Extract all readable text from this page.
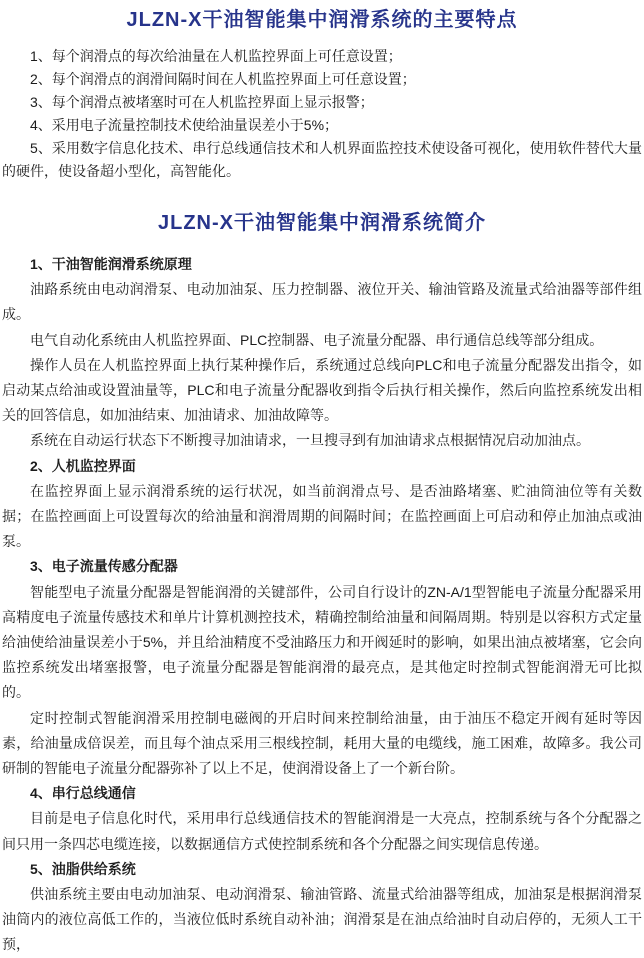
JLZN-X干油智能集中润滑系统的主要特点

1、每个润滑点的每次给油量在人机监控界面上可任意设置；

2、每个润滑点的润滑间隔时间在人机监控界面上可任意设置；

3、每个润滑点被堵塞时可在人机监控界面上显示报警；

4、采用电子流量控制技术使给油量误差小于5%；

5、采用数字信息化技术、串行总线通信技术和人机界面监控技术使设备可视化，使用软件替代大量的硬件，使设备超小型化，高智能化。

JLZN-X干油智能集中润滑系统简介

1、干油智能润滑系统原理

油路系统由电动润滑泵、电动加油泵、压力控制器、液位开关、输油管路及流量式给油器等部件组成。

电气自动化系统由人机监控界面、PLC控制器、电子流量分配器、串行通信总线等部分组成。

操作人员在人机监控界面上执行某种操作后，系统通过总线向PLC和电子流量分配器发出指令，如启动某点给油或设置油量等，PLC和电子流量分配器收到指令后执行相关操作，然后向监控系统发出相关的回答信息，如加油结束、加油请求、加油故障等。

系统在自动运行状态下不断搜寻加油请求，一旦搜寻到有加油请求点根据情况启动加油点。

2、人机监控界面

在监控界面上显示润滑系统的运行状况，如当前润滑点号、是否油路堵塞、贮油筒油位等有关数据；在监控画面上可设置每次的给油量和润滑周期的间隔时间；在监控画面上可启动和停止加油点或油泵。

3、电子流量传感分配器

智能型电子流量分配器是智能润滑的关键部件，公司自行设计的ZN-A/1型智能电子流量分配器采用高精度电子流量传感技术和单片计算机测控技术，精确控制给油量和间隔周期。特别是以容积方式定量给油使给油量误差小于5%，并且给油精度不受油路压力和开阀延时的影响，如果出油点被堵塞，它会向监控系统发出堵塞报警，电子流量分配器是智能润滑的最亮点，是其他定时控制式智能润滑无可比拟的。

定时控制式智能润滑采用控制电磁阀的开启时间来控制给油量，由于油压不稳定开阀有延时等因素，给油量成倍误差，而且每个油点采用三根线控制，耗用大量的电缆线，施工困难，故障多。我公司研制的智能电子流量分配器弥补了以上不足，使润滑设备上了一个新台阶。

4、串行总线通信

目前是电子信息化时代，采用串行总线通信技术的智能润滑是一大亮点，控制系统与各个分配器之间只用一条四芯电缆连接，以数据通信方式使控制系统和各个分配器之间实现信息传递。

5、油脂供给系统

供油系统主要由电动加油泵、电动润滑泵、输油管路、流量式给油器等组成，加油泵是根据润滑泵油筒内的液位高低工作的，当液位低时系统自动补油；润滑泵是在油点给油时自动启停的，无须人工干预，
